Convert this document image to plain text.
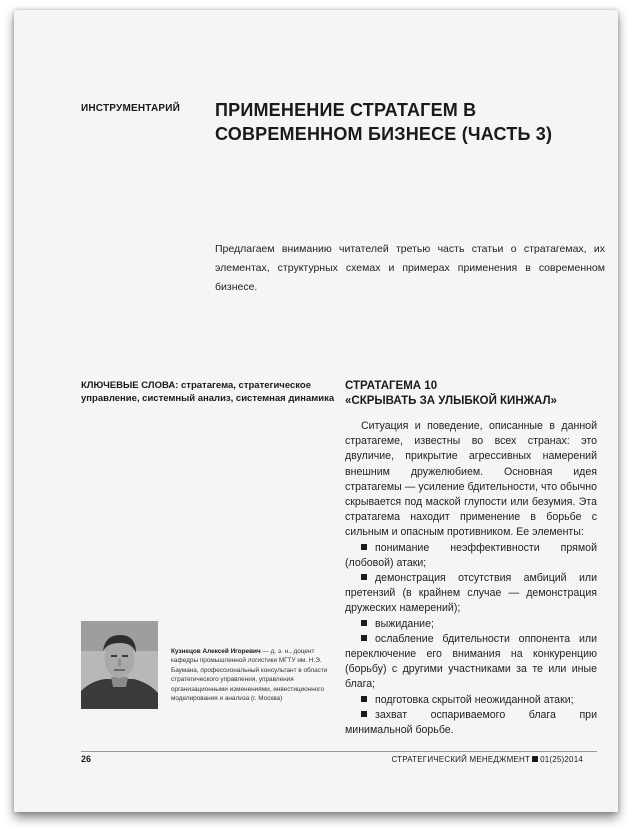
ИНСТРУМЕНТАРИЙ ПРИМЕНЕНИЕ СТРАТАГЕМ В СОВРЕМЕННОМ БИЗНЕСЕ (ЧАСТЬ 3)
Предлагаем вниманию читателей третью часть статьи о стратагемах, их элементах, структурных схемах и примерах применения в современном бизнесе.
КЛЮЧЕВЫЕ СЛОВА: стратагема, стратегическое управление, системный анализ, системная динамика
СТРАТАГЕМА 10
«СКРЫВАТЬ ЗА УЛЫБКОЙ КИНЖАЛ»

Ситуация и поведение, описанные в данной стратагеме, известны во всех странах: это двуличие, прикрытие агрессивных намерений внешним дружелюбием. Основная идея стратагемы — усиление бдительности, что обычно скрывается под маской глупости или безумия. Эта стратагема находит применение в борьбе с сильным и опасным противником. Ее элементы:

понимание неэффективности прямой (лобовой) атаки;
демонстрация отсутствия амбиций или претензий (в крайнем случае — демонстрация дружеских намерений);
выжидание;
ослабление бдительности оппонента или переключение его внимания на конкуренцию (борьбу) с другими участниками за те или иные блага;
подготовка скрытой неожиданной атаки;
захват оспариваемого блага при минимальной борьбе.
Кузнецов Алексей Игоревич — д. э. н., доцент кафедры промышленной логистики МГТУ им. Н.Э. Баумана, профессиональный консультант в области стратегического управления, управления организационными изменениями, инвестиционного моделирования и анализа (г. Москва)
26	СТРАТЕГИЧЕСКИЙ МЕНЕДЖМЕНТ 01(25)2014
